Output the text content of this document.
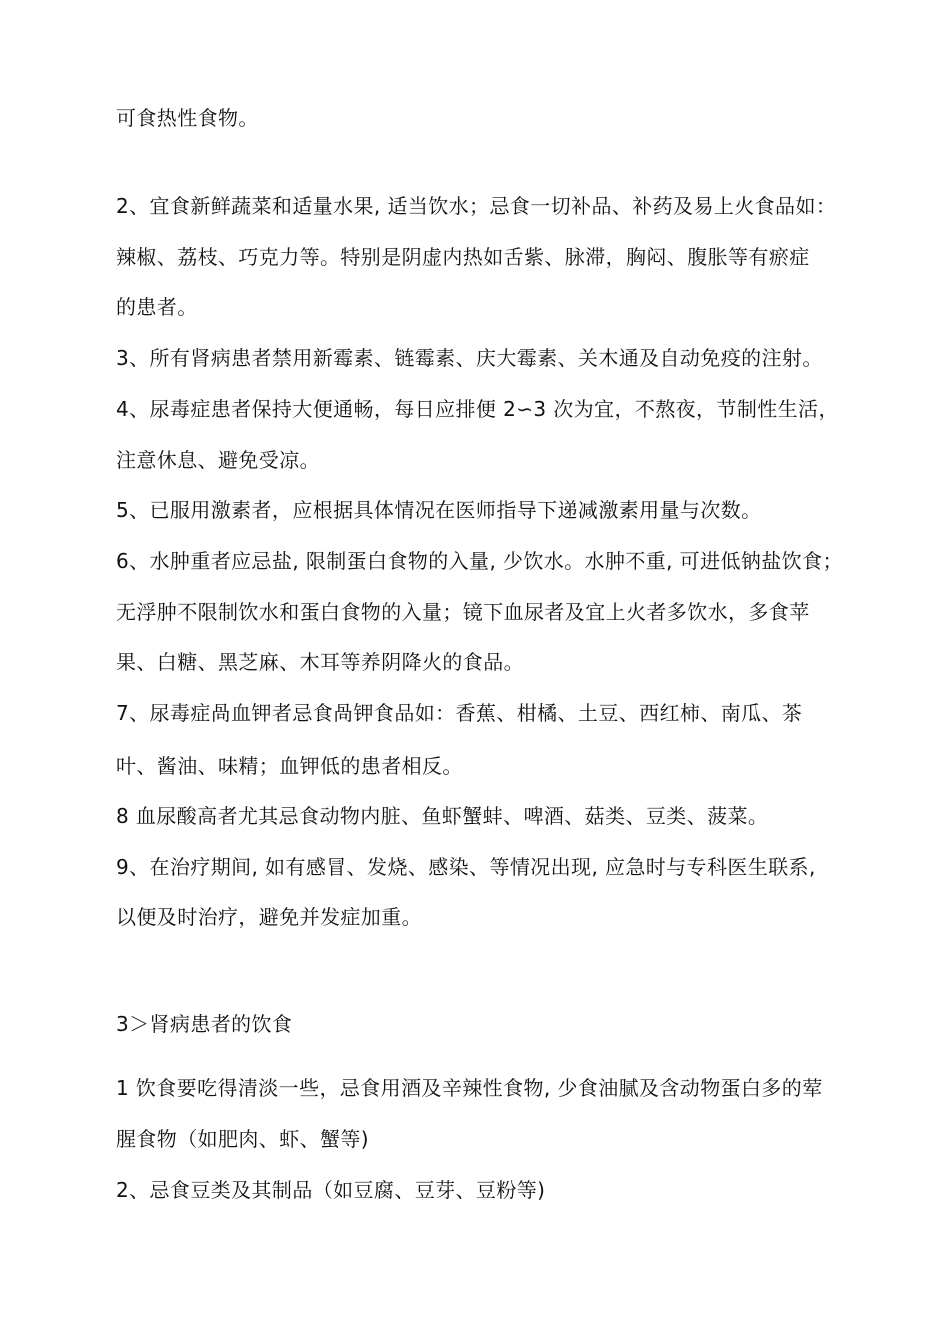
可食热性食物。
2、宜食新鲜蔬菜和适量水果, 适当饮水；忌食一切补品、补药及易上火食品如：
辣椒、荔枝、巧克力等。特别是阴虚内热如舌紫、脉滞，胸闷、腹胀等有瘀症
的患者。
3、所有肾病患者禁用新霉素、链霉素、庆大霉素、关木通及自动免疫的注射。
4、尿毒症患者保持大便通畅，每日应排便 2∽3 次为宜，不熬夜，节制性生活，
注意休息、避免受凉。
5、已服用激素者，应根据具体情况在医师指导下递减激素用量与次数。
6、水肿重者应忌盐, 限制蛋白食物的入量, 少饮水。水肿不重, 可进低钠盐饮食；
无浮肿不限制饮水和蛋白食物的入量；镜下血尿者及宜上火者多饮水，多食苹
果、白糖、黑芝麻、木耳等养阴降火的食品。
7、尿毒症咼血钾者忌食咼钾食品如：香蕉、柑橘、土豆、西红柿、南瓜、茶
叶、酱油、味精；血钾低的患者相反。
8 血尿酸高者尤其忌食动物内脏、鱼虾蟹蚌、啤酒、菇类、豆类、菠菜。
9、在治疗期间, 如有感冒、发烧、感染、等情况出现, 应急时与专科医生联系,
以便及时治疗，避免并发症加重。
3＞肾病患者的饮食
1 饮食要吃得清淡一些，忌食用酒及辛辣性食物, 少食油腻及含动物蛋白多的荤
腥食物（如肥肉、虾、蟹等)
2、忌食豆类及其制品（如豆腐、豆芽、豆粉等)
